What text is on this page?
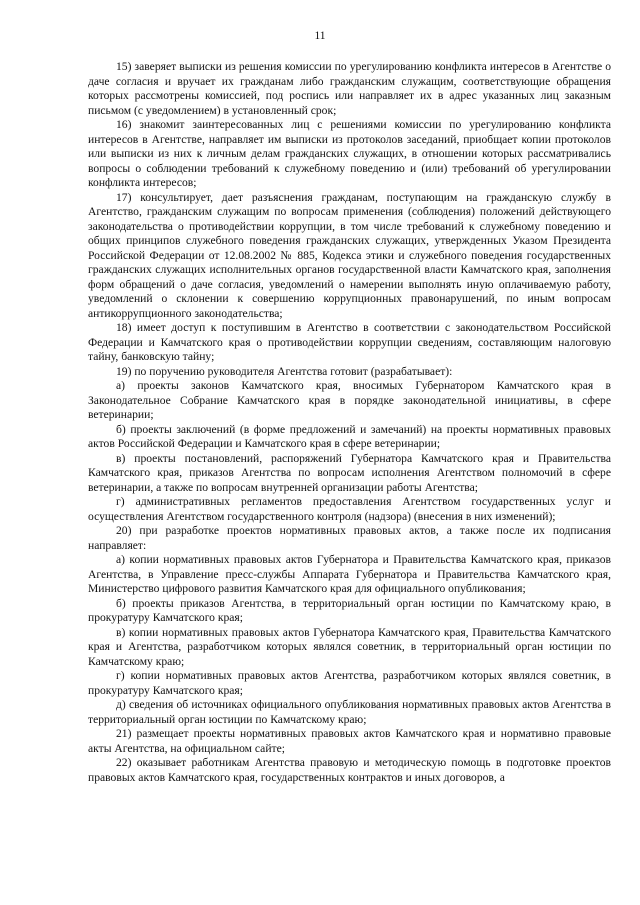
11

15) заверяет выписки из решения комиссии по урегулированию конфликта интересов в Агентстве о даче согласия и вручает их гражданам либо гражданским служащим, соответствующие обращения которых рассмотрены комиссией, под роспись или направляет их в адрес указанных лиц заказным письмом (с уведомлением) в установленный срок;

16) знакомит заинтересованных лиц с решениями комиссии по урегулированию конфликта интересов в Агентстве, направляет им выписки из протоколов заседаний, приобщает копии протоколов или выписки из них к личным делам гражданских служащих, в отношении которых рассматривались вопросы о соблюдении требований к служебному поведению и (или) требований об урегулировании конфликта интересов;

17) консультирует, дает разъяснения гражданам, поступающим на гражданскую службу в Агентство, гражданским служащим по вопросам применения (соблюдения) положений действующего законодательства о противодействии коррупции, в том числе требований к служебному поведению и общих принципов служебного поведения гражданских служащих, утвержденных Указом Президента Российской Федерации от 12.08.2002 № 885, Кодекса этики и служебного поведения государственных гражданских служащих исполнительных органов государственной власти Камчатского края, заполнения форм обращений о даче согласия, уведомлений о намерении выполнять иную оплачиваемую работу, уведомлений о склонении к совершению коррупционных правонарушений, по иным вопросам антикоррупционного законодательства;

18) имеет доступ к поступившим в Агентство в соответствии с законодательством Российской Федерации и Камчатского края о противодействии коррупции сведениям, составляющим налоговую тайну, банковскую тайну;

19) по поручению руководителя Агентства готовит (разрабатывает):

а) проекты законов Камчатского края, вносимых Губернатором Камчатского края в Законодательное Собрание Камчатского края в порядке законодательной инициативы, в сфере ветеринарии;

б) проекты заключений (в форме предложений и замечаний) на проекты нормативных правовых актов Российской Федерации и Камчатского края в сфере ветеринарии;

в) проекты постановлений, распоряжений Губернатора Камчатского края и Правительства Камчатского края, приказов Агентства по вопросам исполнения Агентством полномочий в сфере ветеринарии, а также по вопросам внутренней организации работы Агентства;

г) административных регламентов предоставления Агентством государственных услуг и осуществления Агентством государственного контроля (надзора) (внесения в них изменений);

20) при разработке проектов нормативных правовых актов, а также после их подписания направляет:

а) копии нормативных правовых актов Губернатора и Правительства Камчатского края, приказов Агентства, в Управление пресс-службы Аппарата Губернатора и Правительства Камчатского края, Министерство цифрового развития Камчатского края для официального опубликования;

б) проекты приказов Агентства, в территориальный орган юстиции по Камчатскому краю, в прокуратуру Камчатского края;

в) копии нормативных правовых актов Губернатора Камчатского края, Правительства Камчатского края и Агентства, разработчиком которых являлся советник, в территориальный орган юстиции по Камчатскому краю;

г) копии нормативных правовых актов Агентства, разработчиком которых являлся советник, в прокуратуру Камчатского края;

д) сведения об источниках официального опубликования нормативных правовых актов Агентства в территориальный орган юстиции по Камчатскому краю;

21) размещает проекты нормативных правовых актов Камчатского края и нормативно правовые акты Агентства, на официальном сайте;

22) оказывает работникам Агентства правовую и методическую помощь в подготовке проектов правовых актов Камчатского края, государственных контрактов и иных договоров, а
